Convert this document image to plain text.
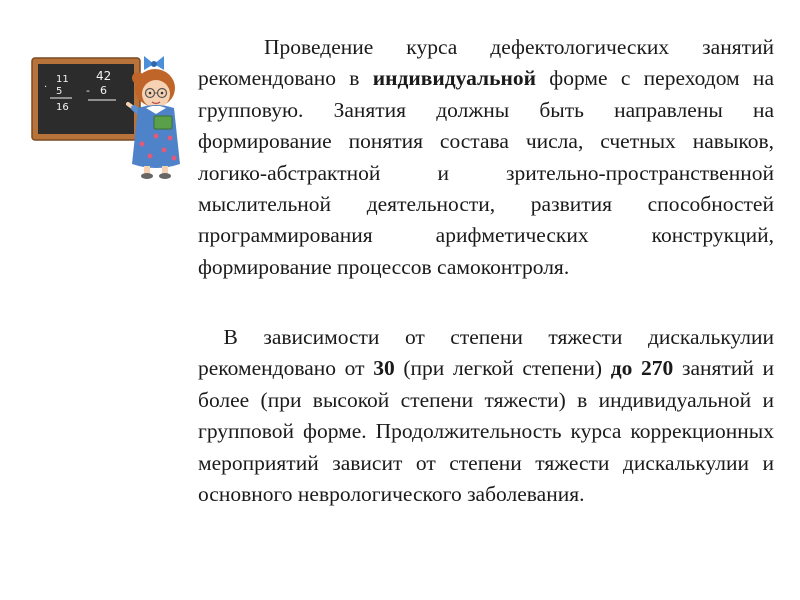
11
5
16
·
42
- 6

Проведение курса дефектологических занятий рекомендовано в индивидуальной форме с переходом на групповую. Занятия должны быть направлены на формирование понятия состава числа, счетных навыков, логико-абстрактной и зрительно-пространственной мыслительной деятельности, развития способностей программирования арифметических конструкций, формирование процессов самоконтроля.

В зависимости от степени тяжести дискалькулии рекомендовано от 30 (при легкой степени) до 270 занятий и более (при высокой степени тяжести) в индивидуальной и групповой форме. Продолжительность курса коррекционных мероприятий зависит от степени тяжести дискалькулии и основного неврологического заболевания.
